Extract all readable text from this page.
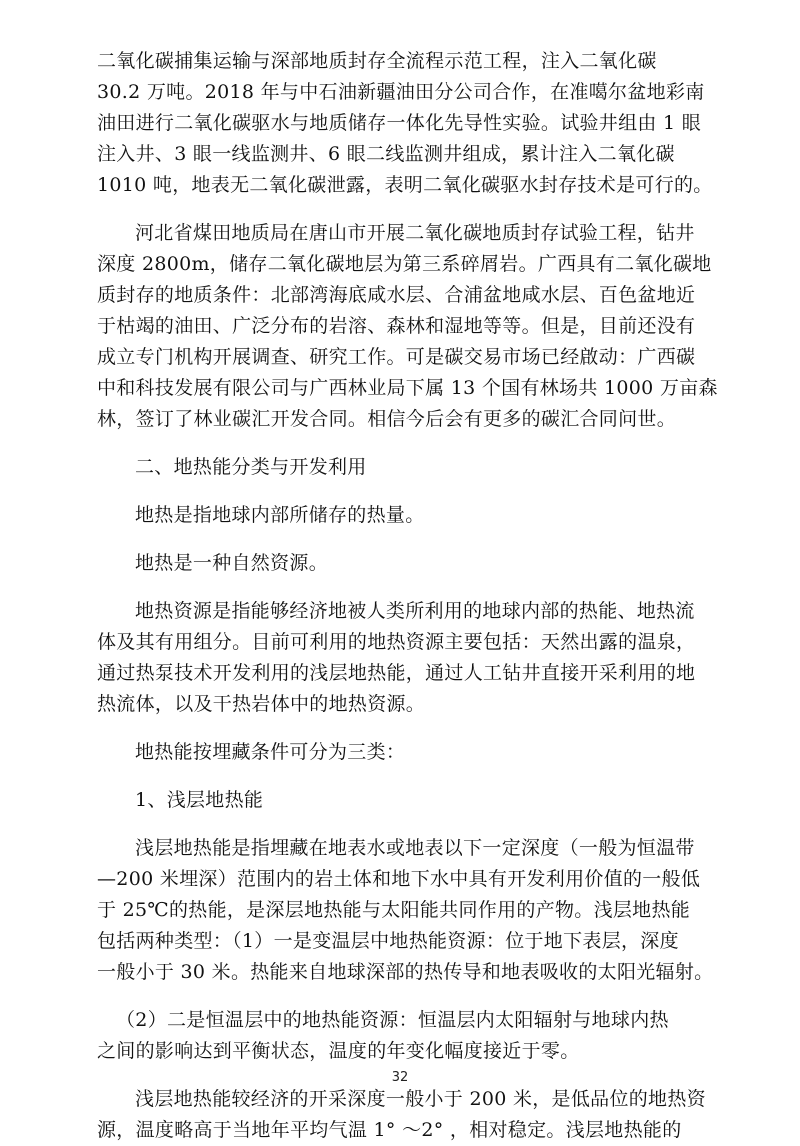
二氧化碳捕集运输与深部地质封存全流程示范工程，注入二氧化碳
30.2 万吨。2018 年与中石油新疆油田分公司合作，在准噶尔盆地彩南
油田进行二氧化碳驱水与地质储存一体化先导性实验。试验井组由 1 眼
注入井、3 眼一线监测井、6 眼二线监测井组成，累计注入二氧化碳
1010 吨，地表无二氧化碳泄露，表明二氧化碳驱水封存技术是可行的。

河北省煤田地质局在唐山市开展二氧化碳地质封存试验工程，钻井
深度 2800m，储存二氧化碳地层为第三系碎屑岩。广西具有二氧化碳地
质封存的地质条件：北部湾海底咸水层、合浦盆地咸水层、百色盆地近
于枯竭的油田、广泛分布的岩溶、森林和湿地等等。但是，目前还没有
成立专门机构开展调查、研究工作。可是碳交易市场已经啟动：广西碳
中和科技发展有限公司与广西林业局下属 13 个国有林场共 1000 万亩森
林，签订了林业碳汇开发合同。相信今后会有更多的碳汇合同问世。

二、地热能分类与开发利用

地热是指地球内部所储存的热量。

地热是一种自然资源。

地热资源是指能够经济地被人类所利用的地球内部的热能、地热流
体及其有用组分。目前可利用的地热资源主要包括：天然出露的温泉，
通过热泵技术开发利用的浅层地热能，通过人工钻井直接开采利用的地
热流体，以及干热岩体中的地热资源。

地热能按埋藏条件可分为三类：

1、浅层地热能

浅层地热能是指埋藏在地表水或地表以下一定深度（一般为恒温带
—200 米埋深）范围内的岩土体和地下水中具有开发利用价值的一般低
于 25℃的热能，是深层地热能与太阳能共同作用的产物。浅层地热能
包括两种类型：（1）一是变温层中地热能资源：位于地下表层，深度
一般小于 30 米。热能来自地球深部的热传导和地表吸收的太阳光辐射。

（2）二是恒温层中的地热能资源：恒温层内太阳辐射与地球内热
之间的影响达到平衡状态，温度的年变化幅度接近于零。

浅层地热能较经济的开采深度一般小于 200 米，是低品位的地热资
源，温度略高于当地年平均气温 1° ～2° ，相对稳定。浅层地热能的

32
